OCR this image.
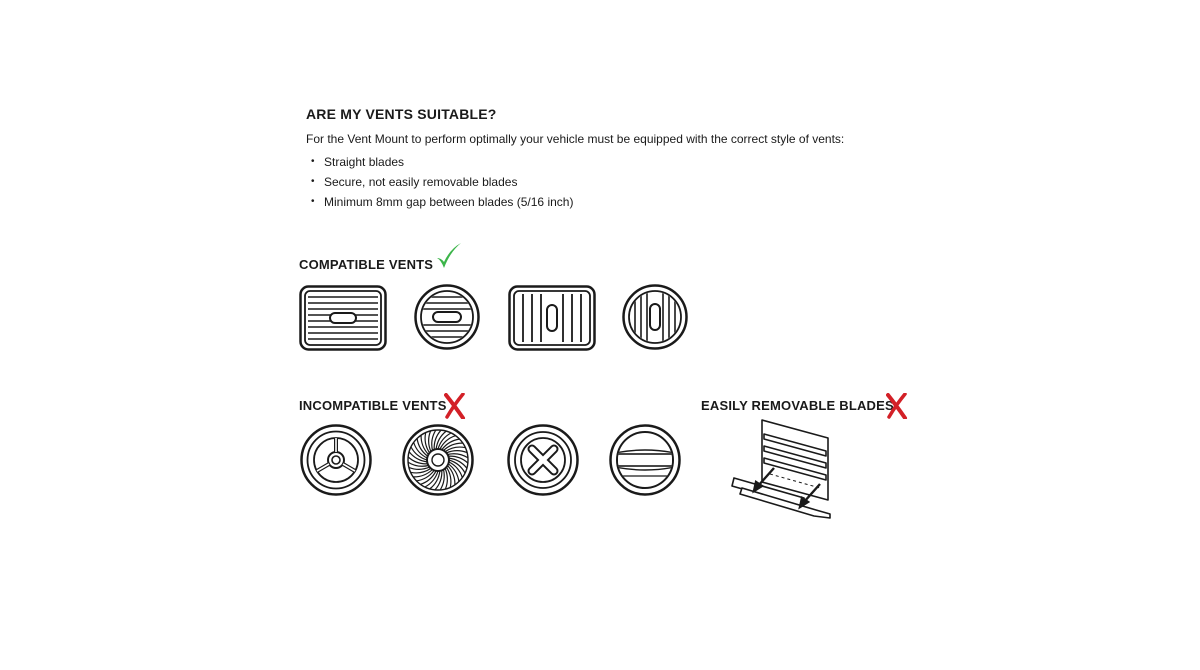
ARE MY VENTS SUITABLE?
For the Vent Mount to perform optimally your vehicle must be equipped with the correct style of vents:
• Straight blades
• Secure, not easily removable blades
• Minimum 8mm gap between blades (5/16 inch)
COMPATIBLE VENTS
INCOMPATIBLE VENTS	EASILY REMOVABLE BLADES
